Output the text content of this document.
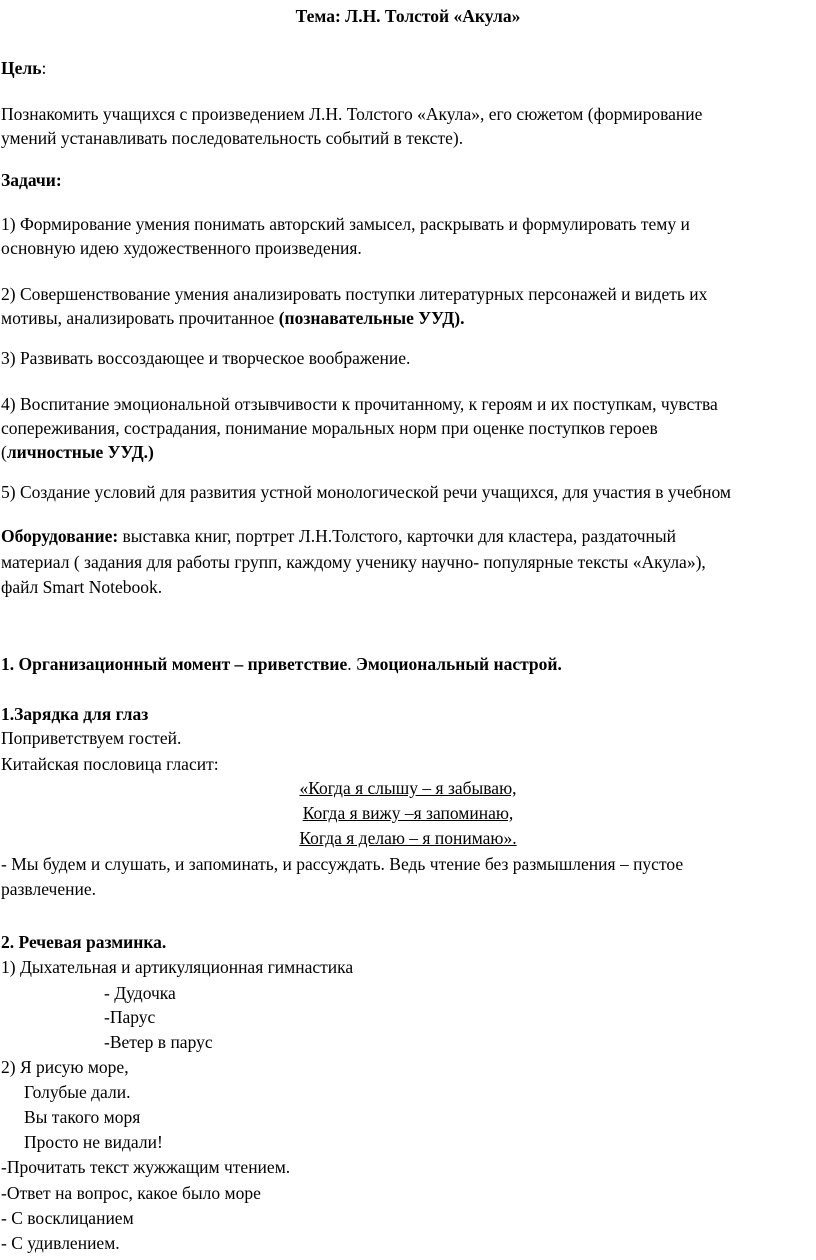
Тема: Л.Н. Толстой «Акула»
Цель:
Познакомить учащихся с произведением Л.Н. Толстого «Акула», его сюжетом (формирование
умений устанавливать последовательность событий в тексте).
Задачи:
1) Формирование умения понимать авторский замысел, раскрывать и формулировать тему и
основную идею художественного произведения.
2) Совершенствование умения анализировать поступки литературных персонажей и видеть их
мотивы, анализировать прочитанное (познавательные УУД).
3) Развивать воссоздающее и творческое воображение.
4) Воспитание эмоциональной отзывчивости к прочитанному, к героям и их поступкам, чувства
сопереживания, сострадания, понимание моральных норм при оценке поступков героев
(личностные УУД.)
5) Создание условий для развития устной монологической речи учащихся, для участия в учебном
Оборудование: выставка книг, портрет Л.Н.Толстого, карточки для кластера, раздаточный
материал ( задания для работы групп, каждому ученику научно- популярные тексты «Акула»),
файл Smart Notebook.
1. Организационный момент – приветствие. Эмоциональный настрой.
1.Зарядка для глаз
Поприветствуем гостей.
Китайская пословица гласит:
«Когда я слышу – я забываю,
Когда я вижу –я запоминаю,
Когда я делаю – я понимаю».
- Мы будем и слушать, и запоминать, и рассуждать. Ведь чтение без размышления – пустое
развлечение.
2. Речевая разминка.
1) Дыхательная и артикуляционная гимнастика
- Дудочка
-Парус
-Ветер в парус
2) Я рисую море,
Голубые дали.
Вы такого моря
Просто не видали!
-Прочитать текст жужжащим чтением.
-Ответ на вопрос, какое было море
- С восклицанием
- С удивлением.
